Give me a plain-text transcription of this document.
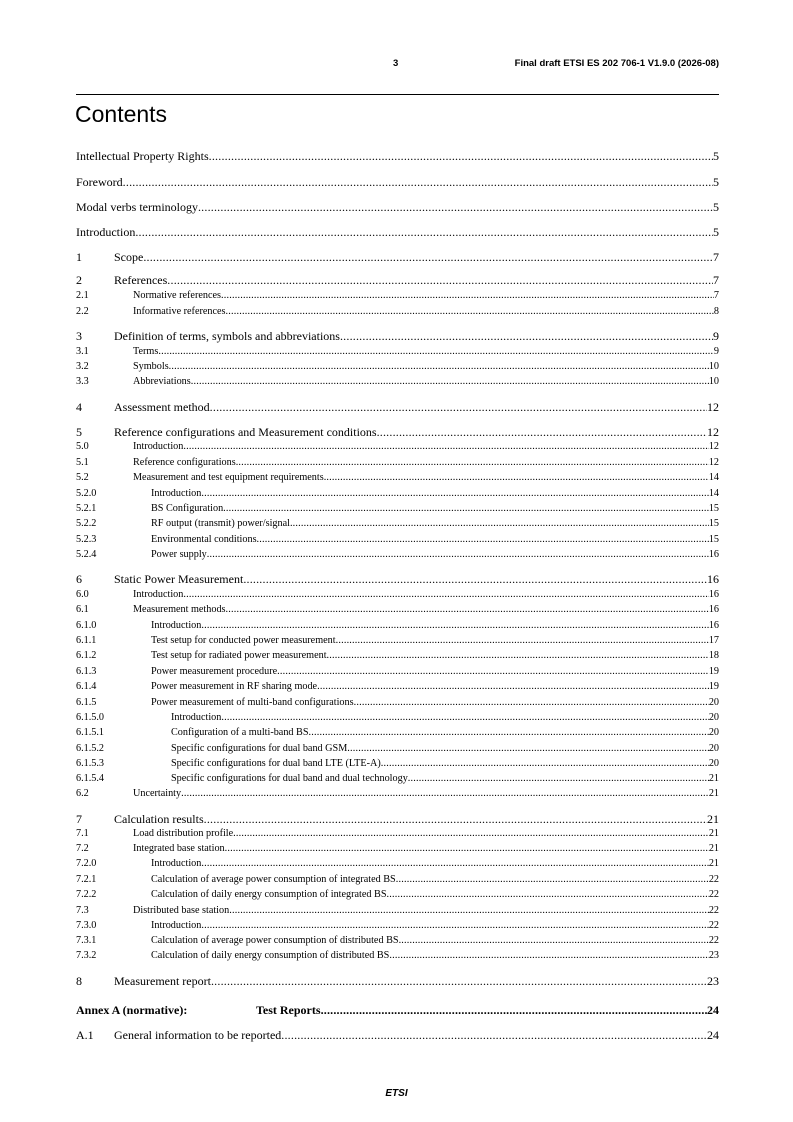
3	Final draft ETSI ES 202 706-1 V1.9.0 (2026-08)
Contents
Intellectual Property Rights .....	5
Foreword .....	5
Modal verbs terminology .....	5
Introduction .....	5
1	Scope .....	7
2	References .....	7
2.1	Normative references .....	7
2.2	Informative references .....	8
3	Definition of terms, symbols and abbreviations .....	9
3.1	Terms .....	9
3.2	Symbols .....	10
3.3	Abbreviations .....	10
4	Assessment method .....	12
5	Reference configurations and Measurement conditions .....	12
5.0	Introduction .....	12
5.1	Reference configurations .....	12
5.2	Measurement and test equipment requirements .....	14
5.2.0	Introduction .....	14
5.2.1	BS Configuration .....	15
5.2.2	RF output (transmit) power/signal .....	15
5.2.3	Environmental conditions .....	15
5.2.4	Power supply .....	16
6	Static Power Measurement .....	16
6.0	Introduction .....	16
6.1	Measurement methods .....	16
6.1.0	Introduction .....	16
6.1.1	Test setup for conducted power measurement .....	17
6.1.2	Test setup for radiated power measurement .....	18
6.1.3	Power measurement procedure .....	19
6.1.4	Power measurement in RF sharing mode .....	19
6.1.5	Power measurement of multi-band configurations .....	20
6.1.5.0	Introduction .....	20
6.1.5.1	Configuration of a multi-band BS .....	20
6.1.5.2	Specific configurations for dual band GSM .....	20
6.1.5.3	Specific configurations for dual band LTE (LTE-A) .....	20
6.1.5.4	Specific configurations for dual band and dual technology .....	21
6.2	Uncertainty .....	21
7	Calculation results .....	21
7.1	Load distribution profile .....	21
7.2	Integrated base station .....	21
7.2.0	Introduction .....	21
7.2.1	Calculation of average power consumption of integrated BS .....	22
7.2.2	Calculation of daily energy consumption of integrated BS .....	22
7.3	Distributed base station .....	22
7.3.0	Introduction .....	22
7.3.1	Calculation of average power consumption of distributed BS .....	22
7.3.2	Calculation of daily energy consumption of distributed BS .....	23
8	Measurement report .....	23
Annex A (normative):	Test Reports .....	24
A.1	General information to be reported .....	24
ETSI
